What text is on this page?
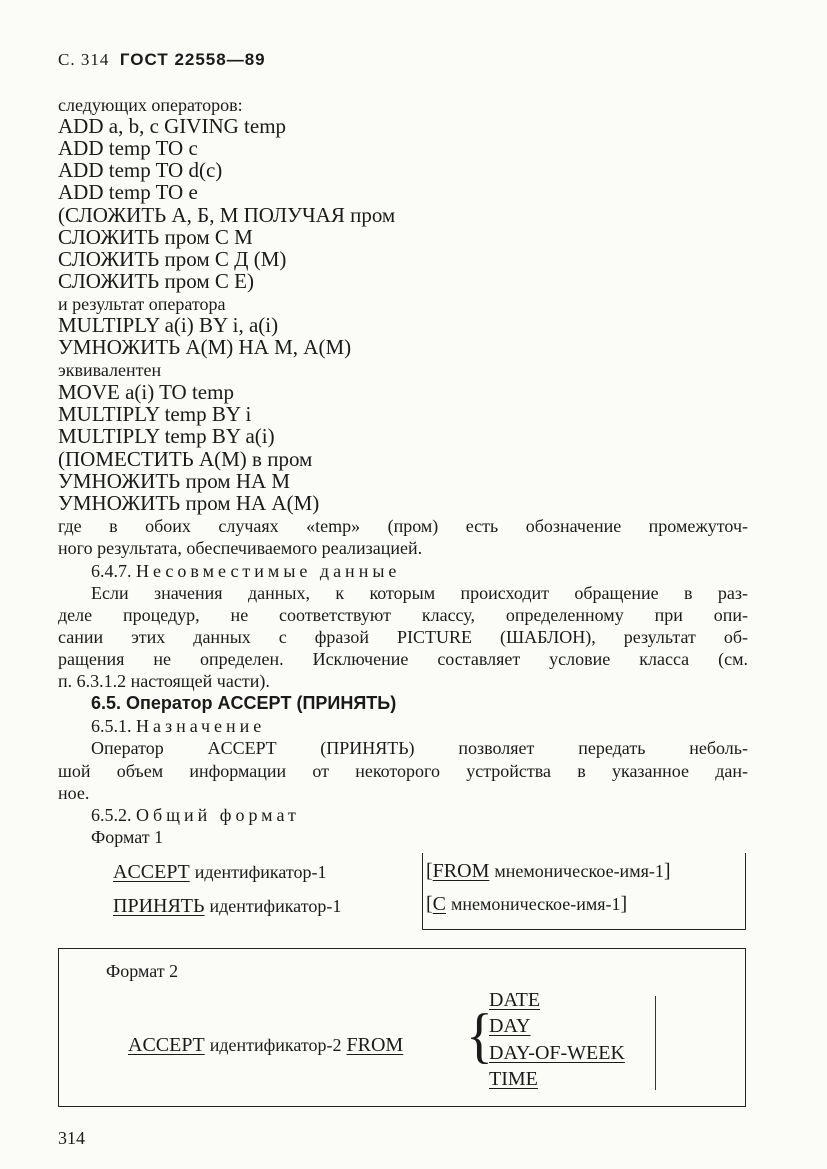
С. 314 ГОСТ 22558—89
следующих операторов:
ADD a, b, c GIVING temp
ADD temp TO c
ADD temp TO d(c)
ADD temp TO e
(СЛОЖИТЬ А, Б, М ПОЛУЧАЯ пром
СЛОЖИТЬ пром С М
СЛОЖИТЬ пром С Д (М)
СЛОЖИТЬ пром С Е)
и результат оператора
MULTIPLY a(i) BY i, a(i)
УМНОЖИТЬ А(М) НА М, А(М)
эквивалентен
MOVE a(i) TO temp
MULTIPLY temp BY i
MULTIPLY temp BY a(i)
(ПОМЕСТИТЬ А(М) в пром
УМНОЖИТЬ пром НА М
УМНОЖИТЬ пром НА А(М)
где в обоих случаях «temp» (пром) есть обозначение промежуточ-
ного результата, обеспечиваемого реализацией.
6.4.7. Несовместимые данные
Если значения данных, к которым происходит обращение в раз-
деле процедур, не соответствуют классу, определенному при опи-
сании этих данных с фразой PICTURE (ШАБЛОН), результат об-
ращения не определен. Исключение составляет условие класса (см.
п. 6.3.1.2 настоящей части).
6.5. Оператор ACCEPT (ПРИНЯТЬ)
6.5.1. Назначение
Оператор ACCEPT (ПРИНЯТЬ) позволяет передать неболь-
шой объем информации от некоторого устройства в указанное дан-
ное.
6.5.2. Общий формат
Формат 1
ACCEPT идентификатор-1
ПРИНЯТЬ идентификатор-1
[FROM мнемоническое-имя-1]
[С мнемоническое-имя-1]
Формат 2
ACCEPT идентификатор-2 FROM {
DATE
DAY
DAY-OF-WEEK
TIME
314
